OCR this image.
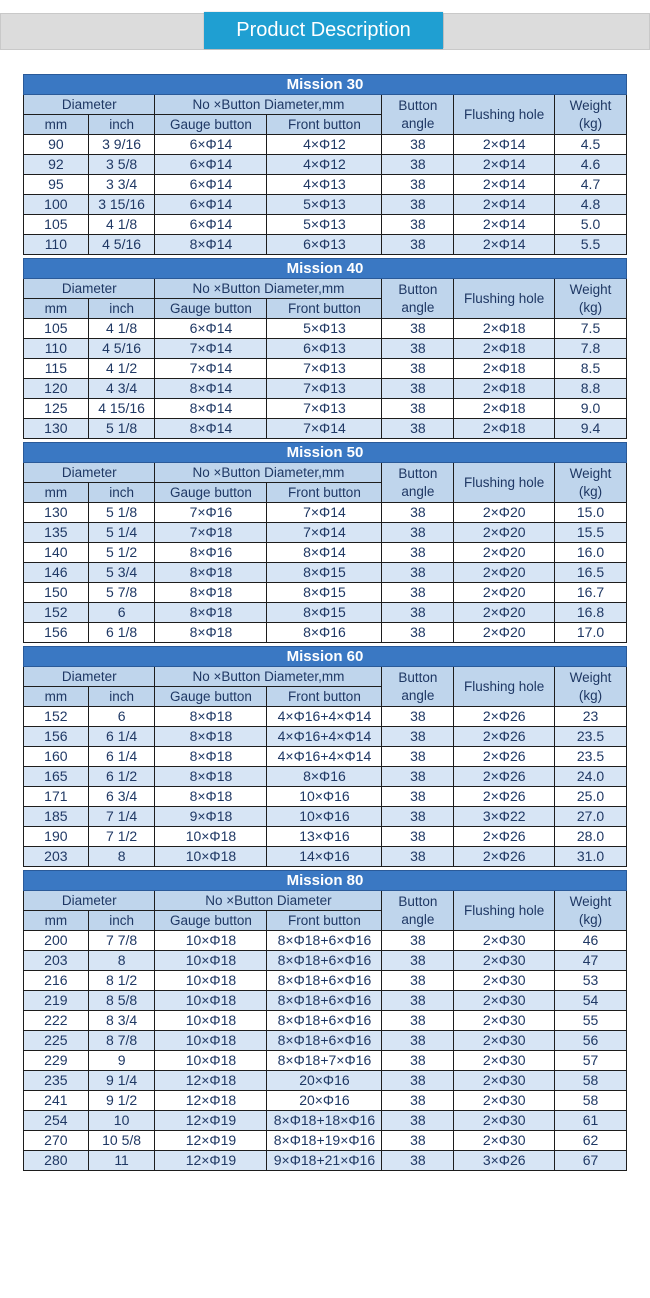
Product Description
Mission 30						
Diameter		No ×Button Diameter,mm		Button angle	Flushing hole	Weight (kg)
mm	inch	Gauge button	Front button			
90	3 9/16	6×Φ14	4×Φ12	38	2×Φ14	4.5
92	3 5/8	6×Φ14	4×Φ12	38	2×Φ14	4.6
95	3 3/4	6×Φ14	4×Φ13	38	2×Φ14	4.7
100	3 15/16	6×Φ14	5×Φ13	38	2×Φ14	4.8
105	4 1/8	6×Φ14	5×Φ13	38	2×Φ14	5.0
110	4 5/16	8×Φ14	6×Φ13	38	2×Φ14	5.5
Mission 40						
Diameter		No ×Button Diameter,mm		Button angle	Flushing hole	Weight (kg)
mm	inch	Gauge button	Front button			
105	4 1/8	6×Φ14	5×Φ13	38	2×Φ18	7.5
110	4 5/16	7×Φ14	6×Φ13	38	2×Φ18	7.8
115	4 1/2	7×Φ14	7×Φ13	38	2×Φ18	8.5
120	4 3/4	8×Φ14	7×Φ13	38	2×Φ18	8.8
125	4 15/16	8×Φ14	7×Φ13	38	2×Φ18	9.0
130	5 1/8	8×Φ14	7×Φ14	38	2×Φ18	9.4
Mission 50						
Diameter		No ×Button Diameter,mm		Button angle	Flushing hole	Weight (kg)
mm	inch	Gauge button	Front button			
130	5 1/8	7×Φ16	7×Φ14	38	2×Φ20	15.0
135	5 1/4	7×Φ18	7×Φ14	38	2×Φ20	15.5
140	5 1/2	8×Φ16	8×Φ14	38	2×Φ20	16.0
146	5 3/4	8×Φ18	8×Φ15	38	2×Φ20	16.5
150	5 7/8	8×Φ18	8×Φ15	38	2×Φ20	16.7
152	6	8×Φ18	8×Φ15	38	2×Φ20	16.8
156	6 1/8	8×Φ18	8×Φ16	38	2×Φ20	17.0
Mission 60						
Diameter		No ×Button Diameter,mm		Button angle	Flushing hole	Weight (kg)
mm	inch	Gauge button	Front button			
152	6	8×Φ18	4×Φ16+4×Φ14	38	2×Φ26	23
156	6 1/4	8×Φ18	4×Φ16+4×Φ14	38	2×Φ26	23.5
160	6 1/4	8×Φ18	4×Φ16+4×Φ14	38	2×Φ26	23.5
165	6 1/2	8×Φ18	8×Φ16	38	2×Φ26	24.0
171	6 3/4	8×Φ18	10×Φ16	38	2×Φ26	25.0
185	7 1/4	9×Φ18	10×Φ16	38	3×Φ22	27.0
190	7 1/2	10×Φ18	13×Φ16	38	2×Φ26	28.0
203	8	10×Φ18	14×Φ16	38	2×Φ26	31.0
Mission 80						
Diameter		No ×Button Diameter		Button angle	Flushing hole	Weight (kg)
mm	inch	Gauge button	Front button			
200	7 7/8	10×Φ18	8×Φ18+6×Φ16	38	2×Φ30	46
203	8	10×Φ18	8×Φ18+6×Φ16	38	2×Φ30	47
216	8 1/2	10×Φ18	8×Φ18+6×Φ16	38	2×Φ30	53
219	8 5/8	10×Φ18	8×Φ18+6×Φ16	38	2×Φ30	54
222	8 3/4	10×Φ18	8×Φ18+6×Φ16	38	2×Φ30	55
225	8 7/8	10×Φ18	8×Φ18+6×Φ16	38	2×Φ30	56
229	9	10×Φ18	8×Φ18+7×Φ16	38	2×Φ30	57
235	9 1/4	12×Φ18	20×Φ16	38	2×Φ30	58
241	9 1/2	12×Φ18	20×Φ16	38	2×Φ30	58
254	10	12×Φ19	8×Φ18+18×Φ16	38	2×Φ30	61
270	10 5/8	12×Φ19	8×Φ18+19×Φ16	38	2×Φ30	62
280	11	12×Φ19	9×Φ18+21×Φ16	38	3×Φ26	67
